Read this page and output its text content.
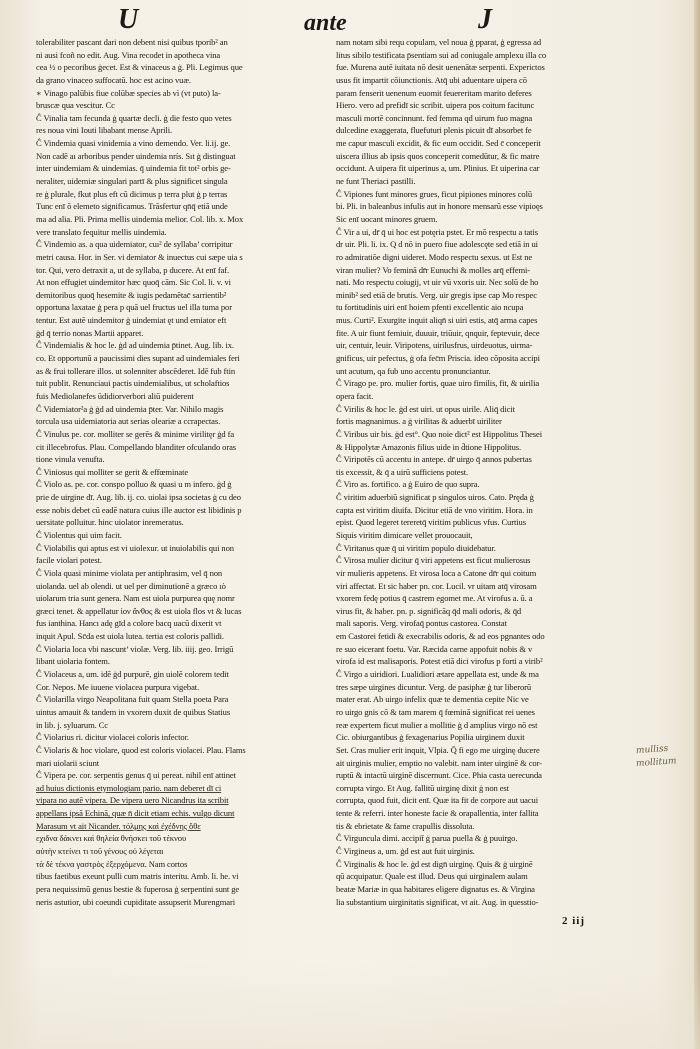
U	ante	J
tolerabiliter pascant dari non debent nisi quibus tporib² an
ni ausi fcoñ no edit. Aug. Vina recodet in apotheca vina
cea ½ o pecoribus ġecet. Est & vinaceus a ġ. Pli. Legimus que
da grano vinaceo suffocatū. hoc est acino vuæ.
∗ Vinago palūbis fiue colūbæ species ab vì (vt puto) la-
bruscæ qua vescitur. Cc
Ĉ Vinalia tam fecunda ġ quartæ decli. ġ die festo quo vetes
res noua vini Iouti libabant mense Aprili.
Ĉ Vindemia quasi vinidemia a vino demendo. Ver. li.ij. ge.
Non cadē aı arboribus pender uindemia nrís. Sıt ġ distinguat
inter uindemiam & uindemias. q̄ uindemia fit tot² orbis ge-
neraliter, uidemiæ singulari partī & plus significet singula
re ġ plurale, fkut plus eft cū dicimus p terra plut ġ p terras
Tunc enī ō elemeto significamus. Trāsfertur qn̄q̄ etiā unde
ma ad alia. Pli. Prima mellis uindemia melior. Col. lib. x. Mox
vere translato fequitur mellis uindemia.
Ĉ Vindemio as. a qua uidemiator, cuı² de syllaba’ corripitur
metri causa. Hor. in Ser. vi demiator & inuectus cui sæpe uia s
tor. Qui, vero detraxit a, ut de syllaba, p ducere. At enī faf.
At non effugiet uindemitor hæc quoq̄ cām. Sic Col. li. v. vi
demitoribus quoq̄ hesemite & iugis pedamētac̄ sarrientib²
opportuna laxatae ġ pera p quā uel fructus uel illa tuma por
tentur. Est autē uindemitor ġ uindemiat ęt und emiator eft
ġd q̄ terrio nonas Martii apparet.
Ĉ Vindemialis & hoc le. ġd ad uindemia p̄tinet. Aug. lib. ix.
co. Et opportunū a paucissimi dies supant ad uindemiales feri
as & frui tollerare illos. ut solenniter abscēderet. Idē fub ftin
tuit publit. Renunciaui pactis uindemialibus, ut scholaftios
fuis Mediolanefes ūdidiorverbori aliū puiderent
Ĉ Videmiator²a ġ ġd ad uindemia p̄ter. Var. Nihilo magis
torcula usa uidemiatoria aut serias oleariæ a ccrapectas.
Ĉ Vinulus pe. cor. molliter se gerēs & minime virilitęr ġd fa
cit illecebrofus. Plau. Compellando blanditer ofculando oras
tione vinula venufta.
Ĉ Viniosus qui molliter se gerit & effœminate
Ĉ Violo as. pe. cor. conspo polluo & quasi u m infero. ġd ġ
prie de uirgine dī. Aug. lib. ij. co. uiolai ipsa societas ġ cu deo
esse nobis debet cū eadē natura cuius ille auctor est libidinis p
uersitate polluitur. hinc uiolator inremeratus.
Ĉ Violentus qui uim facit.
Ĉ Violabilis qui aptus est vi uiolexur. ut inuiolabilis qui non
facile violari potest.
Ĉ Viola quasi minime violata per antiphrasim, vel q̄ non
uiolanda. uel ab olendi. ut uel per diminutionē a græco ıὸ
uiolarum tria sunt genera. Nam est uiola purpurea quę nomr
græci tenet. & appellatur ἰον ἄνθος & est uiola flos vt & lucas
fus ianthina. Hancı adę gīd a colore bacq uacū dixerit vt
inquit Apul. Sc̄da est uiola lutea. tertia est coloris pallidi.
Ĉ Violaria loca vbi nascunt’ violæ. Verg. lib. iiij. geo. Irrigū
libant uiolaria fontem.
Ĉ Violaceus a, um. idē ġd purpurē, gin uiolē colorem tedit
Cor. Nepos. Me iuuene violacea purpura vigebat.
Ĉ Violarilla virgo Neapolitana fuit quam Stella poeta Para
uintus amauit & tandem in vxorem duxit de quibus Statius
in lib. j. syluarum. Cc
Ĉ Violarius ri. dicitur violacei coloris infector.
Ĉ Violaris & hoc violare, quod est coloris violacei. Plau. Flams
mari uiolarii sciunt
Ĉ Vipera pe. cor. serpentis genus q̄ ui pereat. nihil enī attinet
ad huius dictionis etymologiam pario. nam deberet dī ci
vipara no autē vipera. De vipera uero Nicandrus ita scribit
appellans ipsā Echinā, quæ n̄ dicit etiam echis. vulgo dicunt
Marasum vt ait Nicander. τόλμης καὶ ἐχέδνης ὅθε
εχιδνα δάκνει καὶ θηλεία θνήσκει τοῦ τέκνου
αὐτὴν κτείνει τι τοῦ γένους οὐ λέγεται
τὰ δὲ τέκνα γαστρὸς ἐξερχόμενα. Nam cortos
tibus faetibus exeunt pulli cum matris interitu. Amb. li. he. vi
pera nequissimū genus bestie & fuperosa ġ serpentini sunt ge
neris astutior, ubi coeundi cupiditate assupserit Murengmari
nam notam sibi requ copulam, vel noua ġ pparat, ġ egressa ad
litus sibilo testificata p̄sentiam sui ad coniugale amplexu illa co
fue. Murena autē iuitata nō desit uenenātæ serpenti. Experictos
usus fit impartit cōiunctionis. Atq̄ ubi aduentare uipera cō
param fenserit uenenum euomit feuereritam marito deferes
Hiero. vero ad prefidī sic scribit. uipera pos coitum facitunc
masculi mortē concinnunt. fed femma qd uirum fuo magna
dulcedine exaggerata, fluefuturi plenis picuit dī absorbet fe
me capur masculi excidit, & fic eum occidit. Sed c̄ conceperit
uiscera illius ab ipsis quos conceperit comedūtur, & fic matre
occidunt. A uipera fit uiperinus a, um. Plinius. Et uiperina car
ne funt Theriaci pastilli.
Ĉ Vipiones funt minores grues, ficut pipiones minores colū
bi. Pli. in baleanbus infulis aut in honore mensarū esse vipioęs
Sic enī uocant minores gruem.
Ĉ Vir a ui, dr̄ q̄ ui hoc est potęria pstet. Er mō respectu a tatis
dr uir. Pli. li. ix. Q d nō in puero fiue adolescęte sed etiā in ui
ro admiratiōe digni uideret. Modo respectu sexus. ut Est ne
viran mulier? Vo feminā dr̄r Eunuchi & molles arq̄ effemi-
nati. Mo respectu coiugij, vt uir vū vxoris uir. Nec solū de ho
minib² sed etiā de brutis. Verg. uir gregis ipse cap Mo respec
tu fortitudinis uiri enī hoiem pfenti excellentic aio ncupa
mus. Curti². Exurgite inquit aliqn̄ si uiri estis, atq̄ arma capes
fite. A uir fiunt femiuir, duuuir, triūuir, qnquir, feptevuir, dece
uir, centuir, leuir. Viripotens, uirilusfrus, uirdeuotus, uirma-
gnificus, uir pefectus, ġ ofa fec̄m Priscia. ideo cōposita accipi
unt acutum, qa fub uno accentu pronunciantur.
Ĉ Virago pe. pro. mulier fortis, quae uiro fimilis, fit, & uirilia
opera facit.
Ĉ Virilis & hoc le. ġd est uiri. ut opus uirile. Aliq̄ dicit
fortis magnanimus. a ġ virilitas & aduerbī uiriliter
Ĉ Viribus uir bis. ġd est°. Quo noie dict² est Hippolitus Thesei
& Hippolytæ Amazonis filius uide in d̄tione Hippolitus.
Ĉ Viripotēs cū accentu in antepe. dr̄ uirgo q̄ annos pubertas
tis excessit, & q̄ a uirū sufficiens potest.
Ĉ Viro as. fortifico. a ġ Euiro de quo supra.
Ĉ viritim aduerbiū significat p singulos uiros. Cato. Pręda ġ
capta est viritim diuifa. Dicitur etiā de vno viritim. Hora. in
epist. Quod legeret tereretq̄ viritim publicus vfus. Curtius
Siquis viritim dimicare vellet prouocauit,
Ĉ Viritanus quæ q̄ ui viritim populo diuidebatur.
Ĉ Virosa mulier dicitur q̄ viri appetens est ficut mulierosus
vir mulieris appetens. Et virosa loca a Catone dr̄r qui coitum
viri affectat. Et sic haber pn. cor. Lucil. vr uitam atq̄ virosam
vxorem fedę potius q̄ castrem egomet me. At virofus a. ū. a
virus fit, & haber. pn. p. significāq q̄d mali odoris, & q̄d
mali saporis. Verg. virofaq̄ pontus castorea. Constat
em Castorei fetidi & execrabilis odoris, & ad eos pgnantes odo
re suo eicerant foetu. Var. Ræcida carne appofuit nobis & v
virofa id est malisaporis. Potest etiā dici virofus p forti a virib²
Ĉ Virgo a uiridiori. Lualidiori ætare appellata est, unde & ma
tres sæpe uirgines dicuntur. Verg. de pasiphæ ġ tur liberorū
mater erat. Ab uirgo infelix quæ te dementia cepite Nic ve
ro uirgo gnis cō & tam marem q̄ fœminā significat rei uenes
reæ expertem ficut mulier a mollitie ġ d amplius virgo nō est
Cic. obiurgantibus ġ fexagenarius Popilia uirginem duxit
Set. Cras mulier erit inquit, Vlpia. Q̄ fi ego me uirginę ducere
ait uirginis mulier, emptio no valebit. nam inter uirginē & cor-
ruptū & intactū uirginē discernunt. Cice. Phia casta uerecunda
corrupta virgo. Et Aug. fallitū uirginę dixit ġ non est
corrupta, quod fuit, dicit enī. Quæ ita fit de corpore aut uacui
tente & referri. inter honeste facie & orapallentia, inter fallita
tis & ebrietate & fame crapullis dissoluta.
Ĉ Virguncula dimi. accipit̄ ġ parua puella & ġ puuirgo.
Ĉ Virgineus a, um. ġd est aut fuit uirginis.
Ĉ Virginalis & hoc le. ġd est dign̄ uirginę. Quis & ġ uirginē
qū acquipatur. Quale est illud. Deus qui uirginalem aulam
beatæ Mariæ in qua habitares eligere dignatus es. & Virgina
lia substantium uirginitatis significat, vt ait. Aug. in quesstio-
mulliss
mollitum
2 iij
